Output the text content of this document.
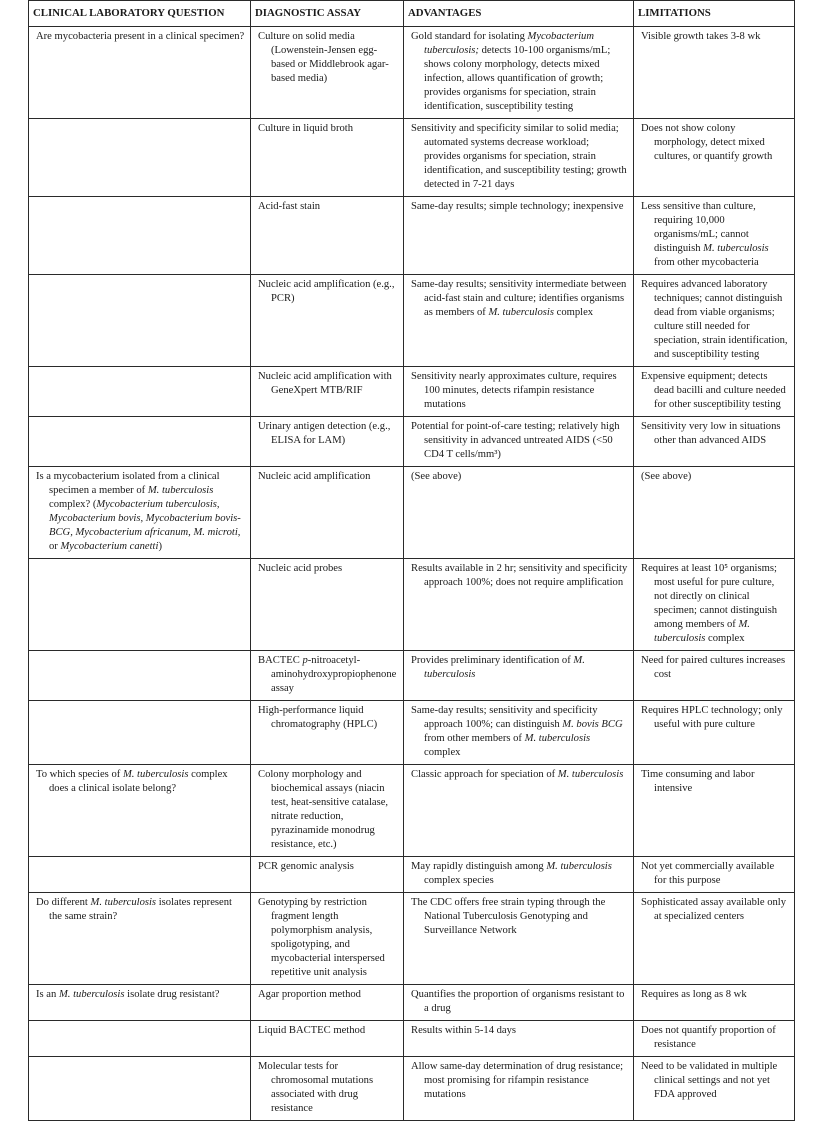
CLINICAL LABORATORY QUESTION	DIAGNOSTIC ASSAY	ADVANTAGES	LIMITATIONS

Are mycobacteria present in a clinical specimen?	Culture on solid media (Lowenstein-Jensen egg-based or Middlebrook agar-based media)	Gold standard for isolating Mycobacterium tuberculosis; detects 10-100 organisms/mL; shows colony morphology, detects mixed infection, allows quantification of growth; provides organisms for speciation, strain identification, susceptibility testing	Visible growth takes 3-8 wk

	Culture in liquid broth	Sensitivity and specificity similar to solid media; automated systems decrease workload; provides organisms for speciation, strain identification, and susceptibility testing; growth detected in 7-21 days	Does not show colony morphology, detect mixed cultures, or quantify growth

	Acid-fast stain	Same-day results; simple technology; inexpensive	Less sensitive than culture, requiring 10,000 organisms/mL; cannot distinguish M. tuberculosis from other mycobacteria

	Nucleic acid amplification (e.g., PCR)	Same-day results; sensitivity intermediate between acid-fast stain and culture; identifies organisms as members of M. tuberculosis complex	Requires advanced laboratory techniques; cannot distinguish dead from viable organisms; culture still needed for speciation, strain identification, and susceptibility testing

	Nucleic acid amplification with GeneXpert MTB/RIF	Sensitivity nearly approximates culture, requires 100 minutes, detects rifampin resistance mutations	Expensive equipment; detects dead bacilli and culture needed for other susceptibility testing

	Urinary antigen detection (e.g., ELISA for LAM)	Potential for point-of-care testing; relatively high sensitivity in advanced untreated AIDS (<50 CD4 T cells/mm³)	Sensitivity very low in situations other than advanced AIDS

Is a mycobacterium isolated from a clinical specimen a member of M. tuberculosis complex? (Mycobacterium tuberculosis, Mycobacterium bovis, Mycobacterium bovis-BCG, Mycobacterium africanum, M. microti, or Mycobacterium canetti)	Nucleic acid amplification	(See above)	(See above)

	Nucleic acid probes	Results available in 2 hr; sensitivity and specificity approach 100%; does not require amplification	Requires at least 10⁵ organisms; most useful for pure culture, not directly on clinical specimen; cannot distinguish among members of M. tuberculosis complex

	BACTEC p-nitroacetyl-aminohydroxypropiophenone assay	Provides preliminary identification of M. tuberculosis	Need for paired cultures increases cost

	High-performance liquid chromatography (HPLC)	Same-day results; sensitivity and specificity approach 100%; can distinguish M. bovis BCG from other members of M. tuberculosis complex	Requires HPLC technology; only useful with pure culture

To which species of M. tuberculosis complex does a clinical isolate belong?	Colony morphology and biochemical assays (niacin test, heat-sensitive catalase, nitrate reduction, pyrazinamide monodrug resistance, etc.)	Classic approach for speciation of M. tuberculosis	Time consuming and labor intensive

	PCR genomic analysis	May rapidly distinguish among M. tuberculosis complex species	Not yet commercially available for this purpose

Do different M. tuberculosis isolates represent the same strain?	Genotyping by restriction fragment length polymorphism analysis, spoligotyping, and mycobacterial interspersed repetitive unit analysis	The CDC offers free strain typing through the National Tuberculosis Genotyping and Surveillance Network	Sophisticated assay available only at specialized centers

Is an M. tuberculosis isolate drug resistant?	Agar proportion method	Quantifies the proportion of organisms resistant to a drug	Requires as long as 8 wk

	Liquid BACTEC method	Results within 5-14 days	Does not quantify proportion of resistance

	Molecular tests for chromosomal mutations associated with drug resistance	Allow same-day determination of drug resistance; most promising for rifampin resistance mutations	Need to be validated in multiple clinical settings and not yet FDA approved
